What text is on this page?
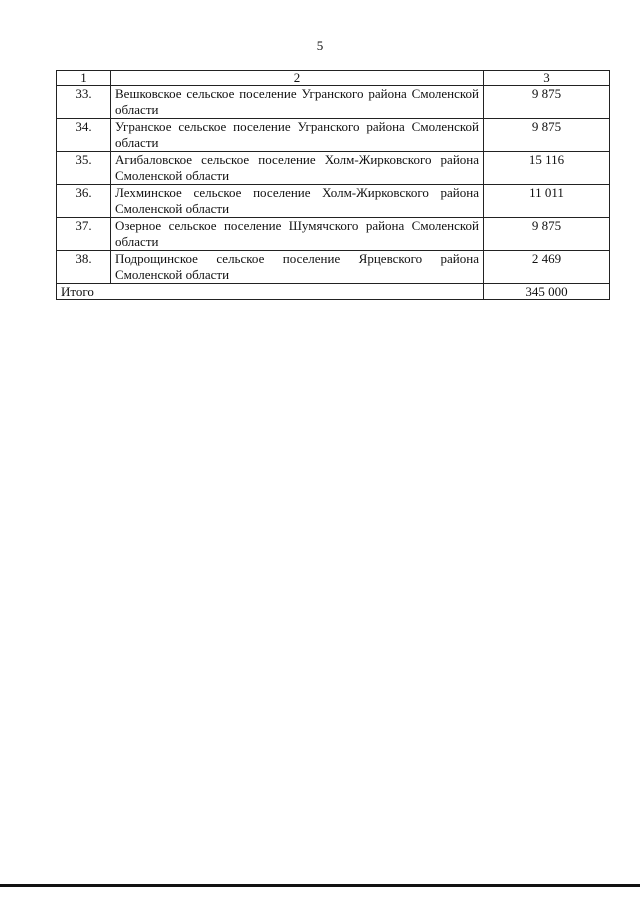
5
1	2	3
33.	Вешковское сельское поселение Угранского района Смоленской области	9 875
34.	Угранское сельское поселение Угранского района Смоленской области	9 875
35.	Агибаловское сельское поселение Холм-Жирковского района Смоленской области	15 116
36.	Лехминское сельское поселение Холм-Жирковского района Смоленской области	11 011
37.	Озерное сельское поселение Шумячского района Смоленской области	9 875
38.	Подрощинское сельское поселение Ярцевского района Смоленской области	2 469
Итого		345 000
